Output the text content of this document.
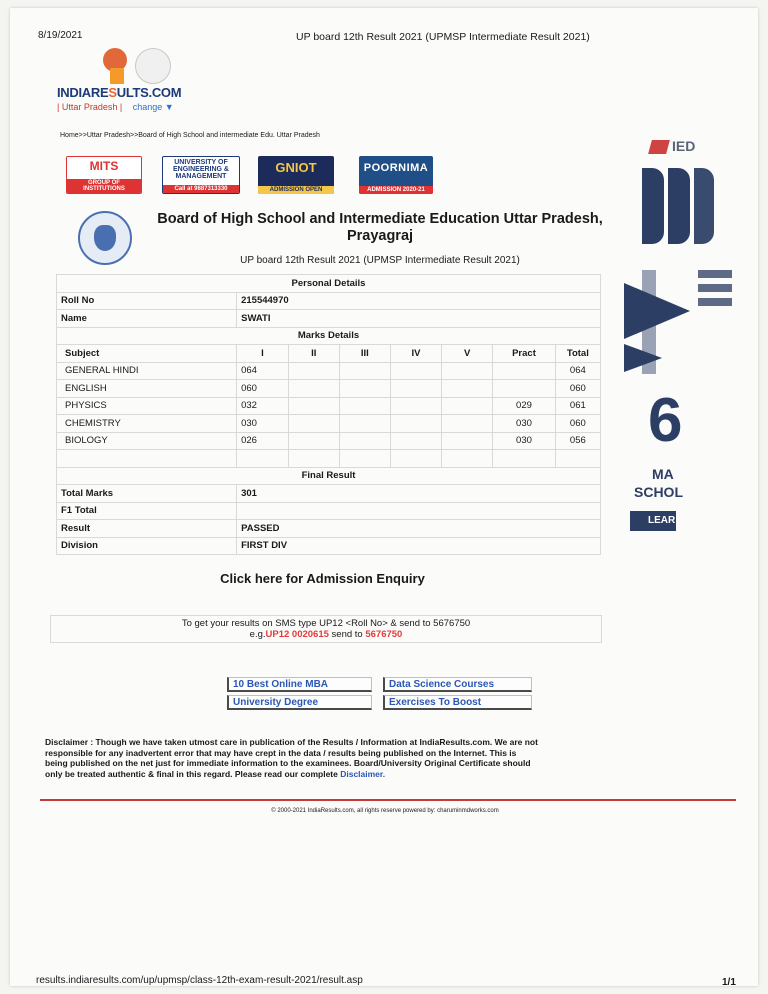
8/19/2021	UP board 12th Result 2021 (UPMSP Intermediate Result 2021)
INDIARESULTS.COM
| Uttar Pradesh | change ▼
Home>>Uttar Pradesh>>Board of High School and intermediate Edu. Uttar Pradesh
MITS
GROUP OF INSTITUTIONS
UNIVERSITY OF ENGINEERING & MANAGEMENT
Call at 9887313330
GNIOT
ADMISSION OPEN
POORNIMA
ADMISSION 2020-21
Board of High School and Intermediate Education Uttar Pradesh, Prayagraj
UP board 12th Result 2021 (UPMSP Intermediate Result 2021)
Personal Details							
Roll No	215544970						
Name	SWATI						
Marks Details							
Subject	I	II	III	IV	V	Pract	Total
GENERAL HINDI	064						064
ENGLISH	060						060
PHYSICS	032					029	061
CHEMISTRY	030					030	060
BIOLOGY	026					030	056

Final Result							
Total Marks	301						
F1 Total							
Result	PASSED						
Division	FIRST DIV						
Click here for Admission Enquiry
To get your results on SMS type UP12 <Roll No> & send to 5676750
e.g.UP12 0020615 send to 5676750
10 Best Online MBA	Data Science Courses
University Degree	Exercises To Boost
Disclaimer : Though we have taken utmost care in publication of the Results / Information at IndiaResults.com. We are not responsible for any inadvertent error that may have crept in the data / results being published on the Internet. This is being published on the net just for immediate information to the examinees. Board/University Original Certificate should only be treated authentic & final in this regard. Please read our complete Disclaimer.
© 2000-2021 IndiaResults.com, all rights reserve powered by: charuminmdworks.com
IED
6
MA
SCHOL
LEAR
results.indiaresults.com/up/upmsp/class-12th-exam-result-2021/result.asp	1/1
